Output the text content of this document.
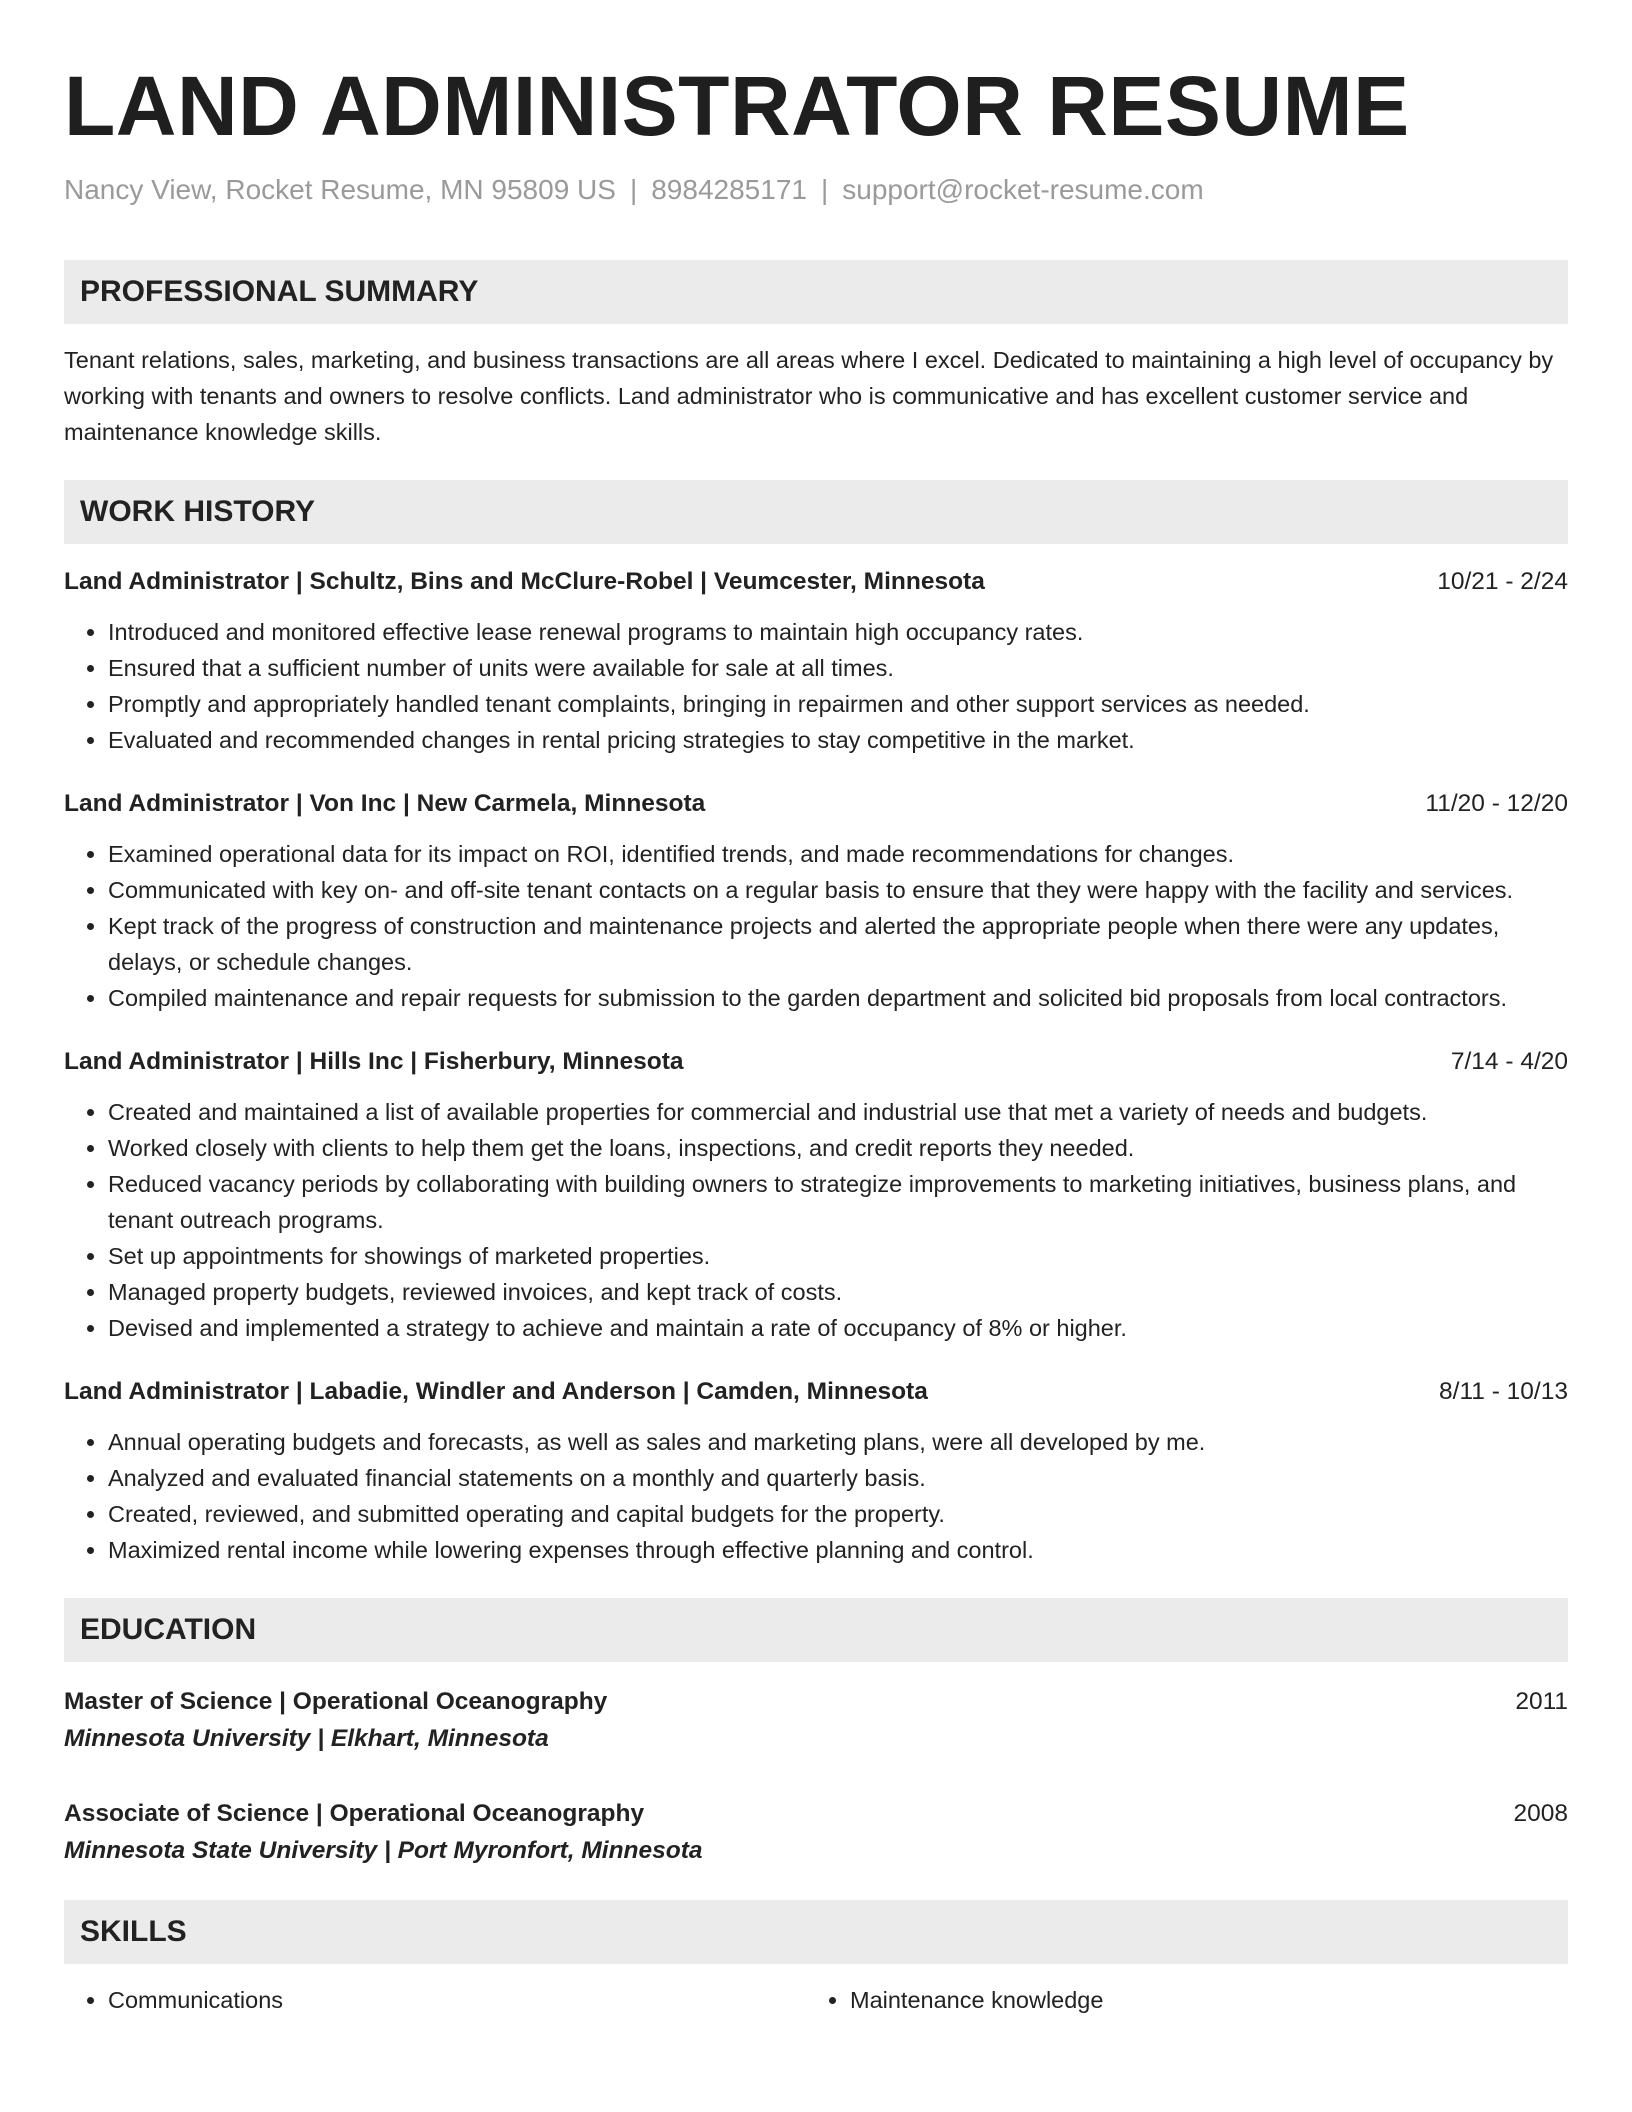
LAND ADMINISTRATOR RESUME
Nancy View, Rocket Resume, MN 95809 US | 8984285171 | support@rocket-resume.com
PROFESSIONAL SUMMARY

Tenant relations, sales, marketing, and business transactions are all areas where I excel. Dedicated to maintaining a high level of occupancy by working with tenants and owners to resolve conflicts. Land administrator who is communicative and has excellent customer service and maintenance knowledge skills.

WORK HISTORY
Land Administrator | Schultz, Bins and McClure-Robel | Veumcester, Minnesota	10/21 - 2/24
• Introduced and monitored effective lease renewal programs to maintain high occupancy rates.
• Ensured that a sufficient number of units were available for sale at all times.
• Promptly and appropriately handled tenant complaints, bringing in repairmen and other support services as needed.
• Evaluated and recommended changes in rental pricing strategies to stay competitive in the market.
Land Administrator | Von Inc | New Carmela, Minnesota	11/20 - 12/20
• Examined operational data for its impact on ROI, identified trends, and made recommendations for changes.
• Communicated with key on- and off-site tenant contacts on a regular basis to ensure that they were happy with the facility and services.
• Kept track of the progress of construction and maintenance projects and alerted the appropriate people when there were any updates, delays, or schedule changes.
• Compiled maintenance and repair requests for submission to the garden department and solicited bid proposals from local contractors.
Land Administrator | Hills Inc | Fisherbury, Minnesota	7/14 - 4/20
• Created and maintained a list of available properties for commercial and industrial use that met a variety of needs and budgets.
• Worked closely with clients to help them get the loans, inspections, and credit reports they needed.
• Reduced vacancy periods by collaborating with building owners to strategize improvements to marketing initiatives, business plans, and tenant outreach programs.
• Set up appointments for showings of marketed properties.
• Managed property budgets, reviewed invoices, and kept track of costs.
• Devised and implemented a strategy to achieve and maintain a rate of occupancy of 8% or higher.
Land Administrator | Labadie, Windler and Anderson | Camden, Minnesota	8/11 - 10/13
• Annual operating budgets and forecasts, as well as sales and marketing plans, were all developed by me.
• Analyzed and evaluated financial statements on a monthly and quarterly basis.
• Created, reviewed, and submitted operating and capital budgets for the property.
• Maximized rental income while lowering expenses through effective planning and control.
EDUCATION
Master of Science | Operational Oceanography	2011
Minnesota University | Elkhart, Minnesota
Associate of Science | Operational Oceanography	2008
Minnesota State University | Port Myronfort, Minnesota
SKILLS
• Communications
•	Maintenance knowledge
